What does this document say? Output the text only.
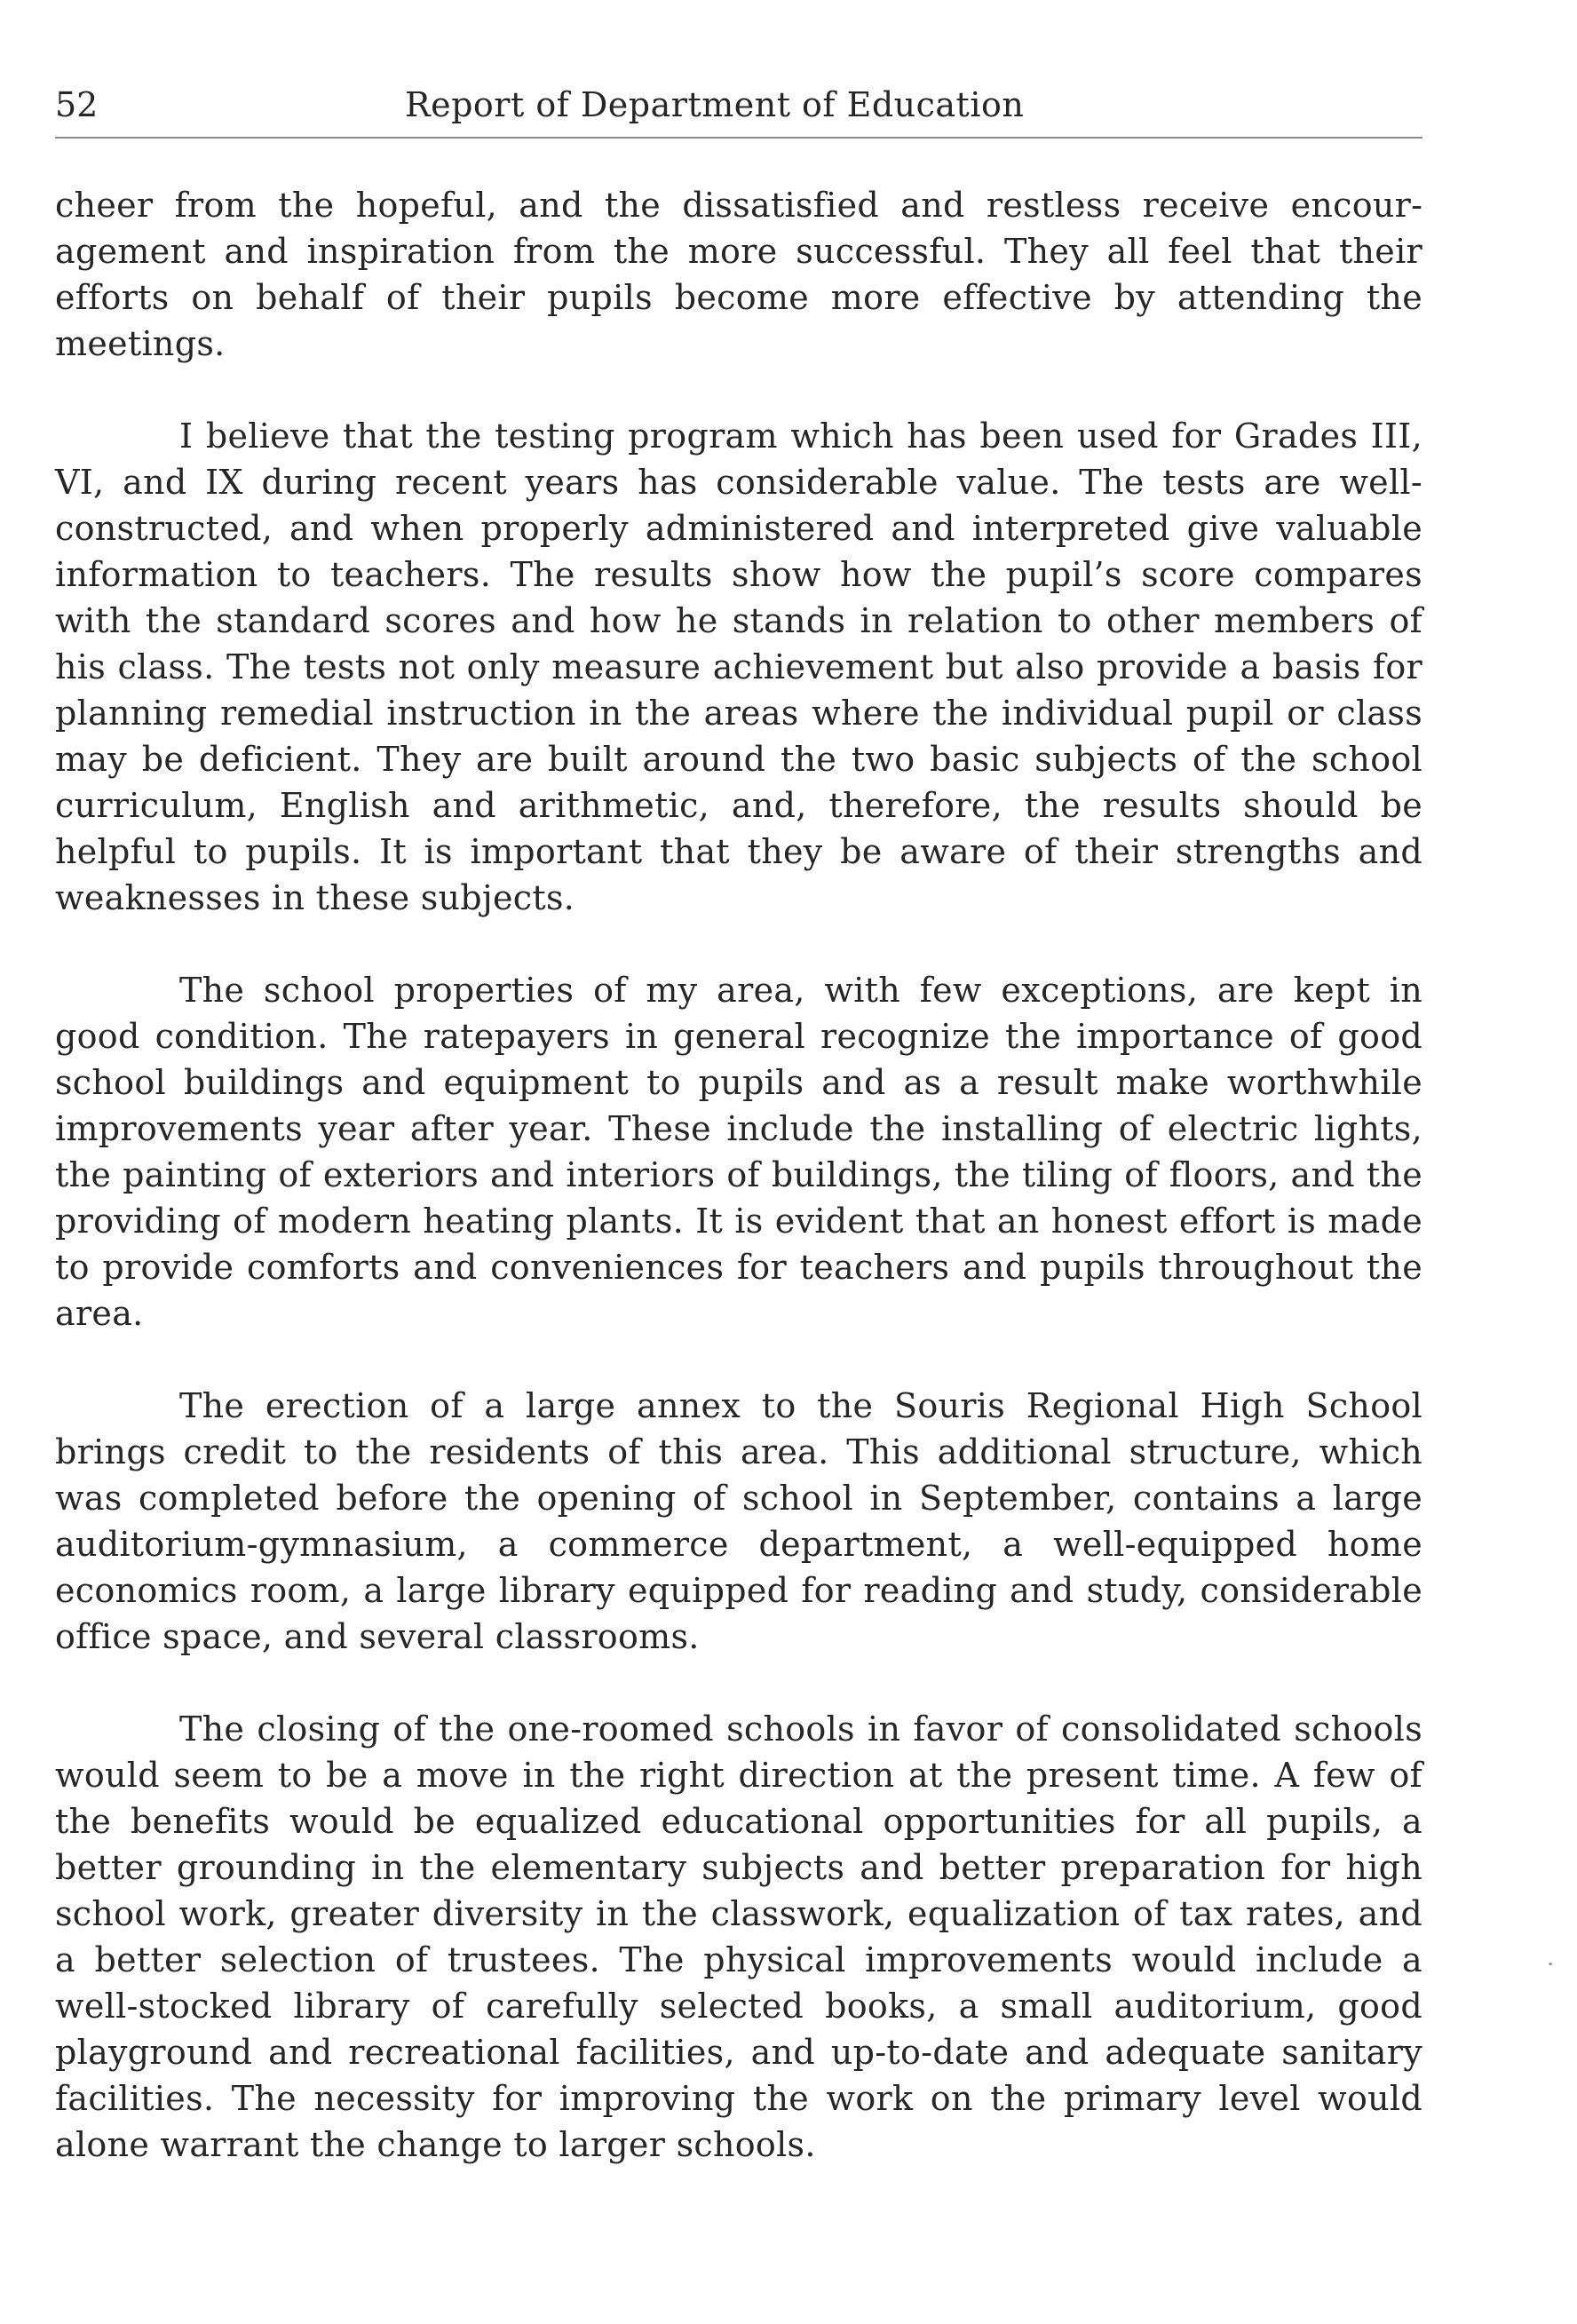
52	Report of Department of Education

cheer from the hopeful, and the dissatisfied and restless receive encouragement and inspiration from the more successful. They all feel that their efforts on behalf of their pupils become more effective by attending the meetings.

I believe that the testing program which has been used for Grades III, VI, and IX during recent years has considerable value. The tests are well-constructed, and when properly administered and interpreted give valuable information to teachers. The results show how the pupil’s score compares with the standard scores and how he stands in relation to other members of his class. The tests not only measure achievement but also provide a basis for planning remedial instruction in the areas where the individual pupil or class may be deficient. They are built around the two basic subjects of the school curriculum, English and arithmetic, and, therefore, the results should be helpful to pupils. It is important that they be aware of their strengths and weaknesses in these subjects.

The school properties of my area, with few exceptions, are kept in good condition. The ratepayers in general recognize the importance of good school buildings and equipment to pupils and as a result make worthwhile improvements year after year. These include the installing of electric lights, the painting of exteriors and interiors of buildings, the tiling of floors, and the providing of modern heating plants. It is evident that an honest effort is made to provide comforts and conveniences for teachers and pupils throughout the area.

The erection of a large annex to the Souris Regional High School brings credit to the residents of this area. This additional structure, which was completed before the opening of school in September, contains a large auditorium-gymnasium, a commerce department, a well-equipped home economics room, a large library equipped for reading and study, considerable office space, and several classrooms.

The closing of the one-roomed schools in favor of consolidated schools would seem to be a move in the right direction at the present time. A few of the benefits would be equalized educational opportunities for all pupils, a better grounding in the elementary subjects and better preparation for high school work, greater diversity in the classwork, equalization of tax rates, and a better selection of trustees. The physical improvements would include a well-stocked library of carefully selected books, a small auditorium, good playground and recreational facilities, and up-to-date and adequate sanitary facilities. The necessity for improving the work on the primary level would alone warrant the change to larger schools.
